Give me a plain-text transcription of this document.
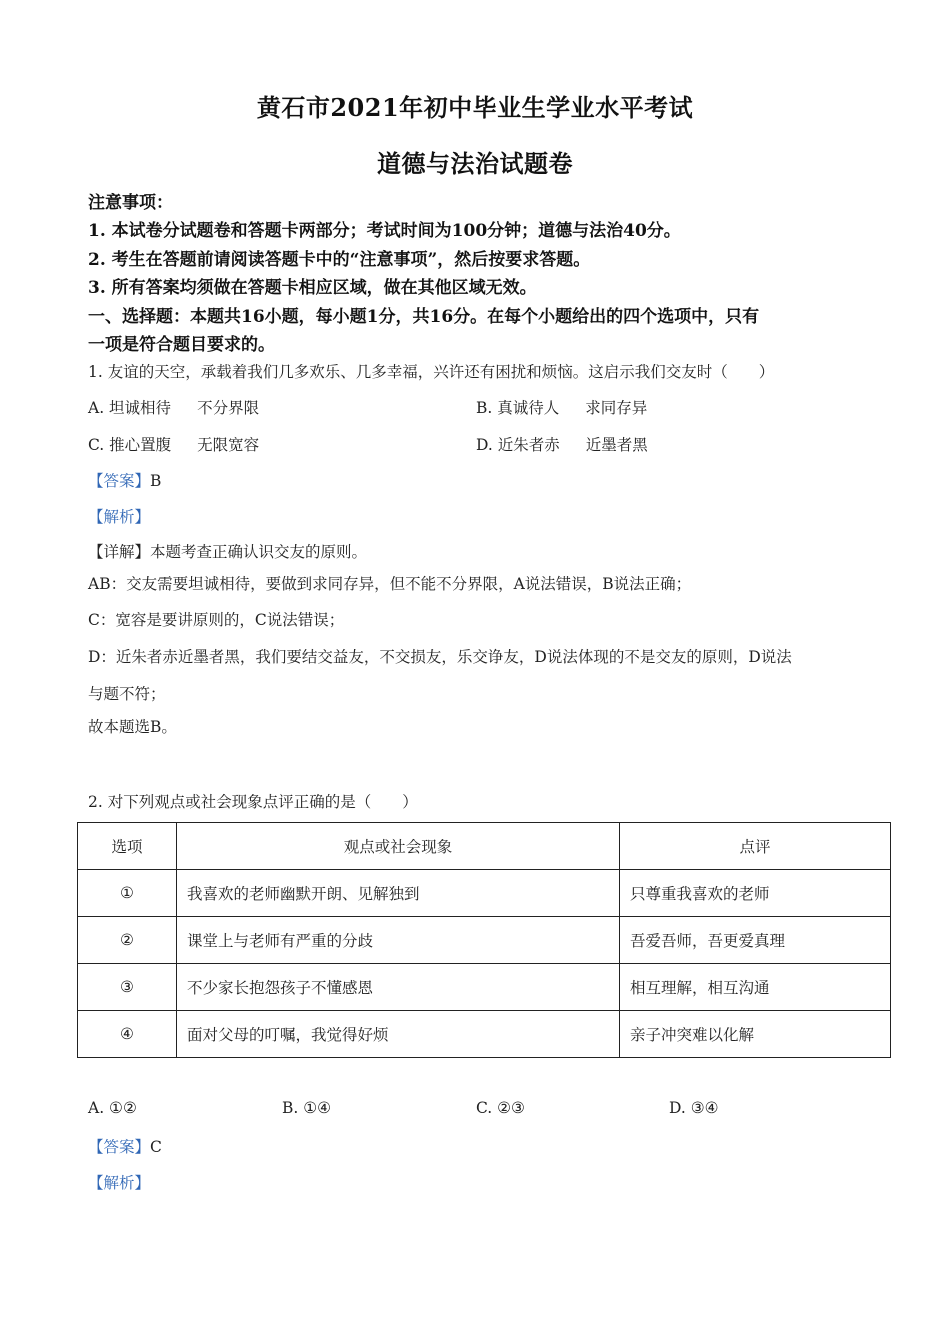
黄石市2021年初中毕业生学业水平考试
道德与法治试题卷
注意事项：
1. 本试卷分试题卷和答题卡两部分；考试时间为100分钟；道德与法治40分。
2. 考生在答题前请阅读答题卡中的“注意事项”，然后按要求答题。
3. 所有答案均须做在答题卡相应区域，做在其他区域无效。
一、选择题：本题共16小题，每小题1分，共16分。在每个小题给出的四个选项中，只有
一项是符合题目要求的。
1. 友谊的天空，承载着我们几多欢乐、几多幸福，兴许还有困扰和烦恼。这启示我们交友时（　　）
A. 坦诚相待 不分界限	B. 真诚待人 求同存异
C. 推心置腹 无限宽容	D. 近朱者赤 近墨者黑
【答案】B
【解析】
【详解】本题考查正确认识交友的原则。
AB：交友需要坦诚相待，要做到求同存异，但不能不分界限，A说法错误，B说法正确；
C：宽容是要讲原则的，C说法错误；
D：近朱者赤近墨者黑，我们要结交益友，不交损友，乐交诤友，D说法体现的不是交友的原则，D说法
与题不符；
故本题选B。
2. 对下列观点或社会现象点评正确的是（　　）
选项	观点或社会现象	点评
①	我喜欢的老师幽默开朗、见解独到	只尊重我喜欢的老师
②	课堂上与老师有严重的分歧	吾爱吾师，吾更爱真理
③	不少家长抱怨孩子不懂感恩	相互理解，相互沟通
④	面对父母的叮嘱，我觉得好烦	亲子冲突难以化解
A. ①②	B. ①④	C. ②③	D. ③④
【答案】C
【解析】
